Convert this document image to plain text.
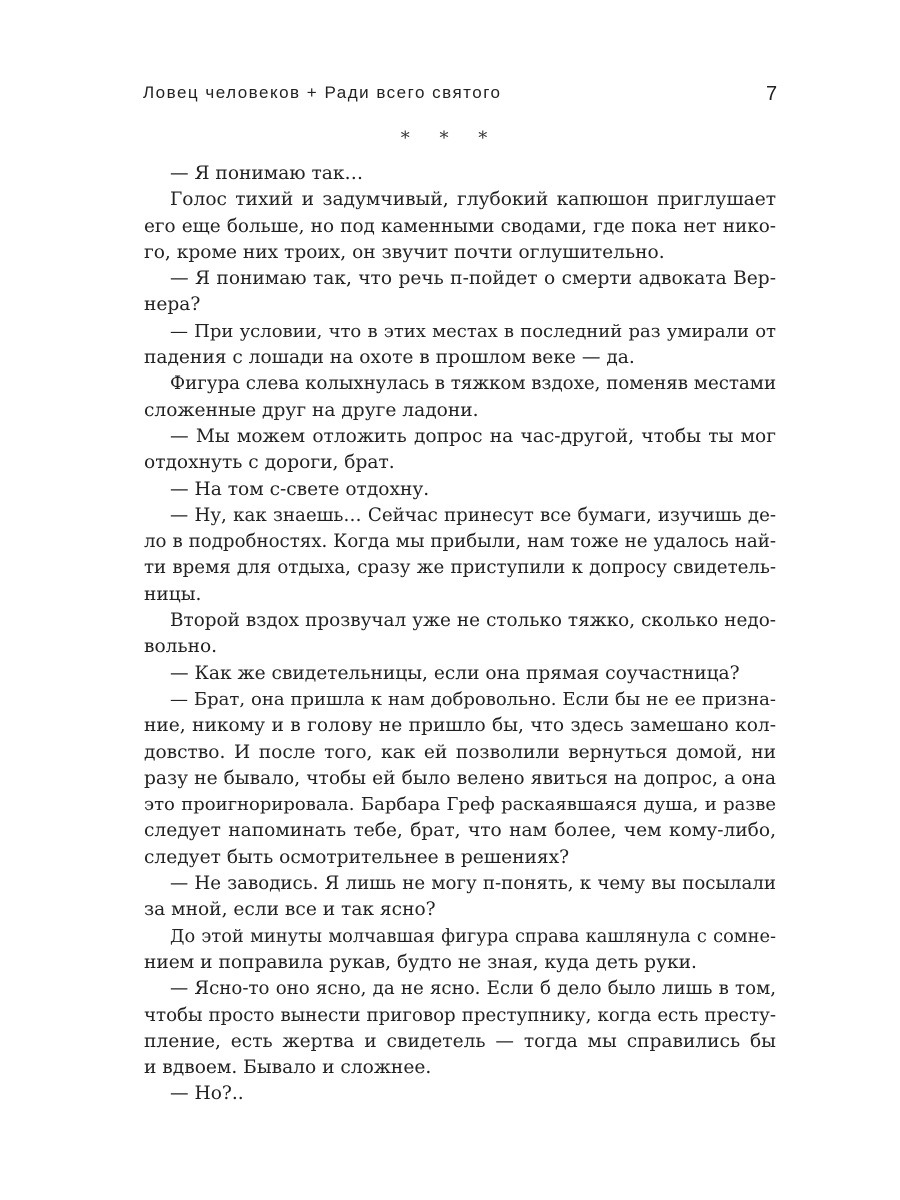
Ловец человеков + Ради всего святого	7
* * *
— Я понимаю так…
Голос тихий и задумчивый, глубокий капюшон приглушает
его еще больше, но под каменными сводами, где пока нет нико-
го, кроме них троих, он звучит почти оглушительно.
— Я понимаю так, что речь п-пойдет о смерти адвоката Вер-
нера?
— При условии, что в этих местах в последний раз умирали от
падения с лошади на охоте в прошлом веке — да.
Фигура слева колыхнулась в тяжком вздохе, поменяв местами
сложенные друг на друге ладони.
— Мы можем отложить допрос на час-другой, чтобы ты мог
отдохнуть с дороги, брат.
— На том с-свете отдохну.
— Ну, как знаешь… Сейчас принесут все бумаги, изучишь де-
ло в подробностях. Когда мы прибыли, нам тоже не удалось най-
ти время для отдыха, сразу же приступили к допросу свидетель-
ницы.
Второй вздох прозвучал уже не столько тяжко, сколько недо-
вольно.
— Как же свидетельницы, если она прямая соучастница?
— Брат, она пришла к нам добровольно. Если бы не ее призна-
ние, никому и в голову не пришло бы, что здесь замешано кол-
довство. И после того, как ей позволили вернуться домой, ни
разу не бывало, чтобы ей было велено явиться на допрос, а она
это проигнорировала. Барбара Греф раскаявшаяся душа, и разве
следует напоминать тебе, брат, что нам более, чем кому-либо,
следует быть осмотрительнее в решениях?
— Не заводись. Я лишь не могу п-понять, к чему вы посылали
за мной, если все и так ясно?
До этой минуты молчавшая фигура справа кашлянула с сомне-
нием и поправила рукав, будто не зная, куда деть руки.
— Ясно-то оно ясно, да не ясно. Если б дело было лишь в том,
чтобы просто вынести приговор преступнику, когда есть престу-
пление, есть жертва и свидетель — тогда мы справились бы
и вдвоем. Бывало и сложнее.
— Но?..
